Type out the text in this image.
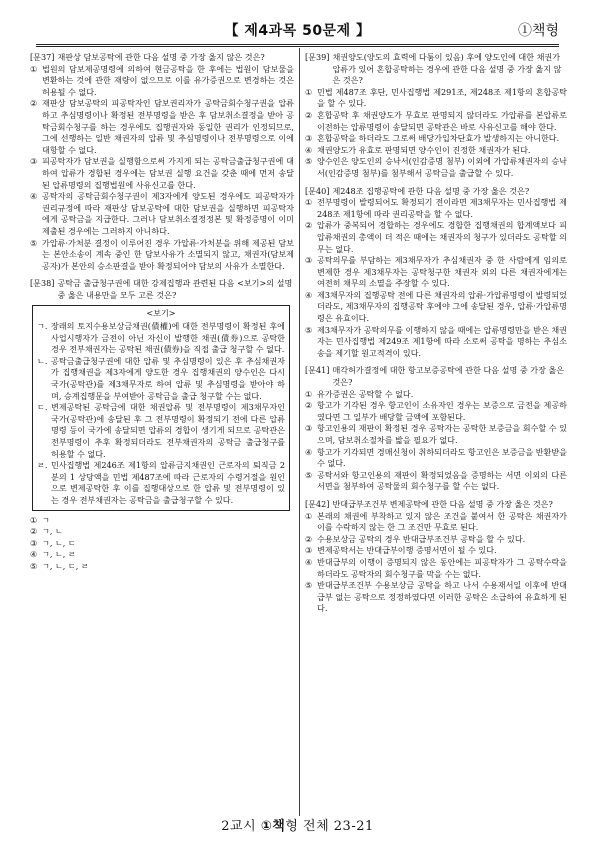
【 제4과목 50문제 】	①책형
[문37] 재판상 담보공탁에 관한 다음 설명 중 가장 옳지 않은 것은?
① 법원의 담보제공명령에 의하여 현금공탁을 한 후에는 법원이 담보물을 변환하는 것에 관한 재량이 없으므로 이를 유가증권으로 변경하는 것은 허용될 수 없다.
② 재판상 담보공탁의 피공탁자인 담보권리자가 공탁금회수청구권을 압류하고 추심명령이나 확정된 전부명령을 받은 후 담보취소결정을 받아 공탁금회수청구를 하는 경우에도 집행권자와 동일한 권리가 인정되므로, 그에 선행하는 일반 채권자의 압류 및 추심명령이나 전부명령으로 이에 대항할 수 없다.
③ 피공탁자가 담보권을 실행함으로써 가지게 되는 공탁금출급청구권에 대하여 압류가 경합된 경우에는 담보권 실행 요건을 갖춘 때에 먼저 송달된 압류명령의 집행법원에 사유신고를 한다.
④ 공탁자의 공탁금회수청구권이 제3자에게 양도된 경우에도 피공탁자가 권리규정에 따라 재판상 담보공탁에 대한 담보권을 실행하면 피공탁자에게 공탁금을 지급한다. 그러나 담보취소결정정본 및 확정증명이 이미 제출된 경우에는 그러하지 아니하다.
⑤ 가압류·가처분 결정이 이루어진 경우 가압류·가처분을 위해 제공된 담보는 본안소송이 계속 중인 한 담보사유가 소멸되지 않고, 채권자(담보제공자)가 본안의 승소판결을 받아 확정되어야 담보의 사유가 소멸한다.
[문38] 공탁금 출급청구권에 대한 강제집행과 관련된 다음 <보기>의 설명 중 옳은 내용만을 모두 고른 것은?
<보기>
ㄱ. 장래의 토지수용보상금채권(債權)에 대한 전부명령이 확정된 후에 사업시행자가 금전이 아닌 자신이 발행한 채권(債券)으로 공탁한 경우 전부채권자는 공탁된 채권(債券)을 직접 출급 청구할 수 없다.
ㄴ. 공탁금출급청구권에 대한 압류 및 추심명령이 있은 후 추심채권자가 집행채권을 제3자에게 양도한 경우 집행채권의 양수인은 다시 국가(공탁관)를 제3채무자로 하여 압류 및 추심명령을 받아야 하며, 승계집행문을 부여받아 공탁금을 출급 청구할 수는 없다.
ㄷ. 변제공탁된 공탁금에 대한 채권압류 및 전부명령이 제3채무자인 국가(공탁관)에 송달된 후 그 전부명령이 확정되기 전에 다른 압류명령 등이 국가에 송달되면 압류의 경합이 생기게 되므로 공탁관은 전부명령이 추후 확정되더라도 전부채권자의 공탁금 출급청구를 허용할 수 없다.
ㄹ. 민사집행법 제246조 제1항의 압류금지채권인 근로자의 퇴직금 2분의 1 상당액을 민법 제487조에 따라 근로자의 수령거절을 원인으로 변제공탁한 후 이를 집행대상으로 한 압류 및 전부명령이 있는 경우 전부채권자는 공탁금을 출급청구할 수 있다.
① ㄱ
② ㄱ, ㄴ
③ ㄱ, ㄴ, ㄷ
④ ㄱ, ㄴ, ㄹ
⑤ ㄱ, ㄴ, ㄷ, ㄹ
[문39] 채권양도(양도의 효력에 다툼이 있음) 후에 양도인에 대한 채권가압류가 있어 혼합공탁하는 경우에 관한 다음 설명 중 가장 옳지 않은 것은?
① 민법 제487조 후단, 민사집행법 제291조, 제248조 제1항의 혼합공탁을 할 수 있다.
② 혼합공탁 후 채권양도가 무효로 판명되지 않더라도 가압류를 본압류로 이전하는 압류명령이 송달되면 공탁관은 바로 사유신고를 해야 한다.
③ 혼합공탁을 하더라도 그로써 배당가입차단효가 발생하지는 아니한다.
④ 채권양도가 유효로 판명되면 양수인이 진정한 채권자가 된다.
⑤ 양수인은 양도인의 승낙서(인감증명 첨부) 이외에 가압류채권자의 승낙서(인감증명 첨부)를 첨부해서 공탁금을 출급할 수 있다.
[문40] 제248조 집행공탁에 관한 다음 설명 중 가장 옳은 것은?
① 전부명령이 발령되어도 확정되기 전이라면 제3채무자는 민사집행법 제248조 제1항에 따라 권리공탁을 할 수 없다.
② 압류가 중복되어 경합하는 경우에도 경합한 집행채권의 합계액보다 피압류채권의 총액이 더 적은 때에는 채권자의 청구가 있더라도 공탁할 의무는 없다.
③ 공탁의무를 부담하는 제3채무자가 추심채권자 중 한 사람에게 임의로 변제한 경우 제3채무자는 공탁청구한 채권자 외의 다른 채권자에게는 여전히 채무의 소멸을 주장할 수 있다.
④ 제3채무자의 집행공탁 전에 다른 채권자의 압류·가압류명령이 발령되었더라도, 제3채무자의 집행공탁 후에야 그에 송달된 경우, 압류·가압류명령은 유효이다.
⑤ 제3채무자가 공탁의무를 이행하지 않을 때에는 압류명령만을 받은 채권자는 민사집행법 제249조 제1항에 따라 소로써 공탁을 명하는 추심소송을 제기할 원고적격이 있다.
[문41] 매각허가결정에 대한 항고보증공탁에 관한 다음 설명 중 가장 옳은 것은?
① 유가증권은 공탁할 수 없다.
② 항고가 기각된 경우 항고인이 소유자인 경우는 보증으로 금전을 제공하였다면 그 일부가 배당할 금액에 포함된다.
③ 항고인용의 재판이 확정된 경우 공탁자는 공탁한 보증금을 회수할 수 있으며, 담보취소절차를 밟을 필요가 없다.
④ 항고가 기각되면 경매신청이 취하되더라도 항고인은 보증금을 반환받을 수 없다.
⑤ 공탁서와 항고인용의 재판이 확정되었음을 증명하는 서면 이외의 다른 서면을 첨부하여 공탁물의 회수청구를 할 수는 없다.
[문42] 반대급부조건부 변제공탁에 관한 다음 설명 중 가장 옳은 것은?
① 본래의 채권에 부착하고 있지 않은 조건을 붙여서 한 공탁은 채권자가 이를 수락하지 않는 한 그 조건만 무효로 된다.
② 수용보상금 공탁의 경우 반대급부조건부 공탁을 할 수 있다.
③ 변제공탁서는 반대급부이행 증명서면이 될 수 있다.
④ 반대급부의 이행이 증명되지 않은 동안에는 피공탁자가 그 공탁수락을 하더라도 공탁자의 회수청구를 막을 수는 없다.
⑤ 반대급부조건부 수용보상금 공탁을 하고 나서 수용재서일 이후에 반대급부 없는 공탁으로 정정하였다면 이러한 공탁은 소급하여 유효하게 된다.
2교시 ①책형 전체 23-21
